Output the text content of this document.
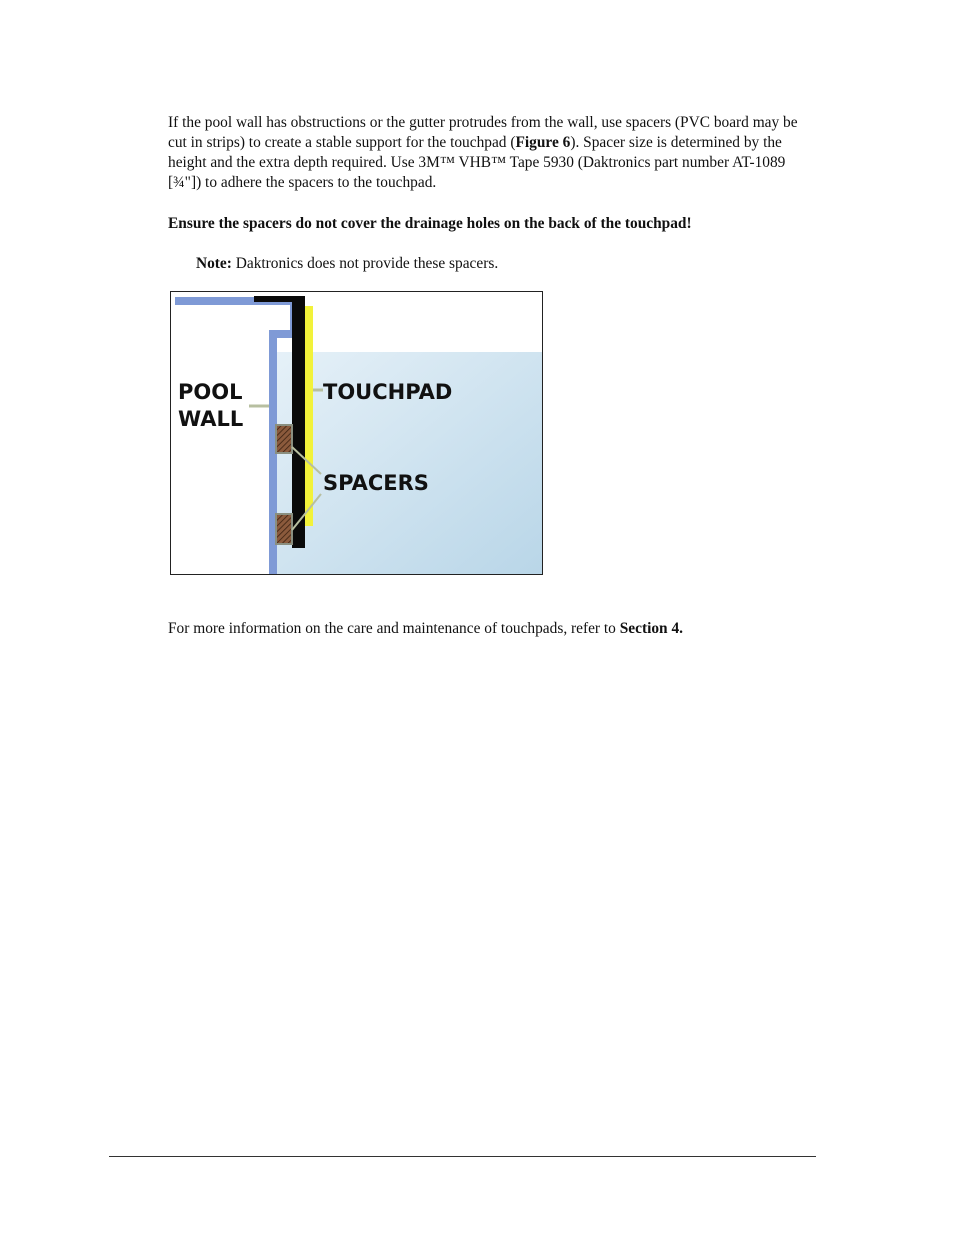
If the pool wall has obstructions or the gutter protrudes from the wall, use spacers (PVC board may be cut in strips) to create a stable support for the touchpad (Figure 6). Spacer size is determined by the height and the extra depth required. Use 3M™ VHB™ Tape 5930 (Daktronics part number AT-1089 [¾"]) to adhere the spacers to the touchpad.

Ensure the spacers do not cover the drainage holes on the back of the touchpad!

Note: Daktronics does not provide these spacers.

POOL
WALL
TOUCHPAD
SPACERS

For more information on the care and maintenance of touchpads, refer to Section 4.
